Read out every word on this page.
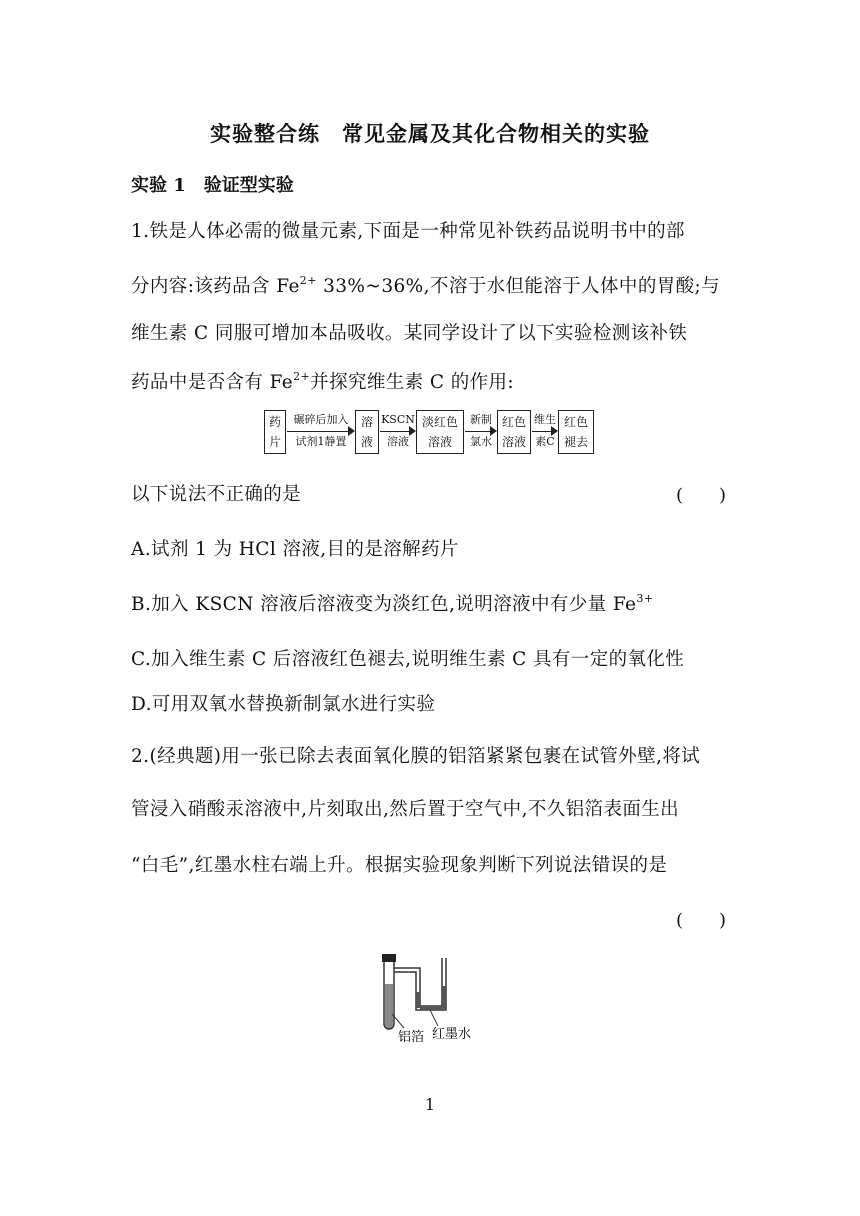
实验整合练　常见金属及其化合物相关的实验
实验 1　验证型实验
1.铁是人体必需的微量元素,下面是一种常见补铁药品说明书中的部
分内容:该药品含 $Fe^{2+}$ 33%~36%,不溶于水但能溶于人体中的胃酸;与
维生素 C 同服可增加本品吸收。某同学设计了以下实验检测该补铁
药品中是否含有 $Fe^{2+}$并探究维生素 C 的作用:
药
片
碾碎后加入
试剂1静置
溶
液
KSCN
溶液
淡红色
溶液
新制
氯水
红色
溶液
维生
素C
红色
褪去
以下说法不正确的是	(　　)
A.试剂 1 为 HCl 溶液,目的是溶解药片
B.加入 KSCN 溶液后溶液变为淡红色,说明溶液中有少量 $Fe^{3+}$
C.加入维生素 C 后溶液红色褪去,说明维生素 C 具有一定的氧化性
D.可用双氧水替换新制氯水进行实验
2.(经典题)用一张已除去表面氧化膜的铝箔紧紧包裹在试管外壁,将试
管浸入硝酸汞溶液中,片刻取出,然后置于空气中,不久铝箔表面生出
“白毛”,红墨水柱右端上升。根据实验现象判断下列说法错误的是
(　　)
铝箔 红墨水
1
